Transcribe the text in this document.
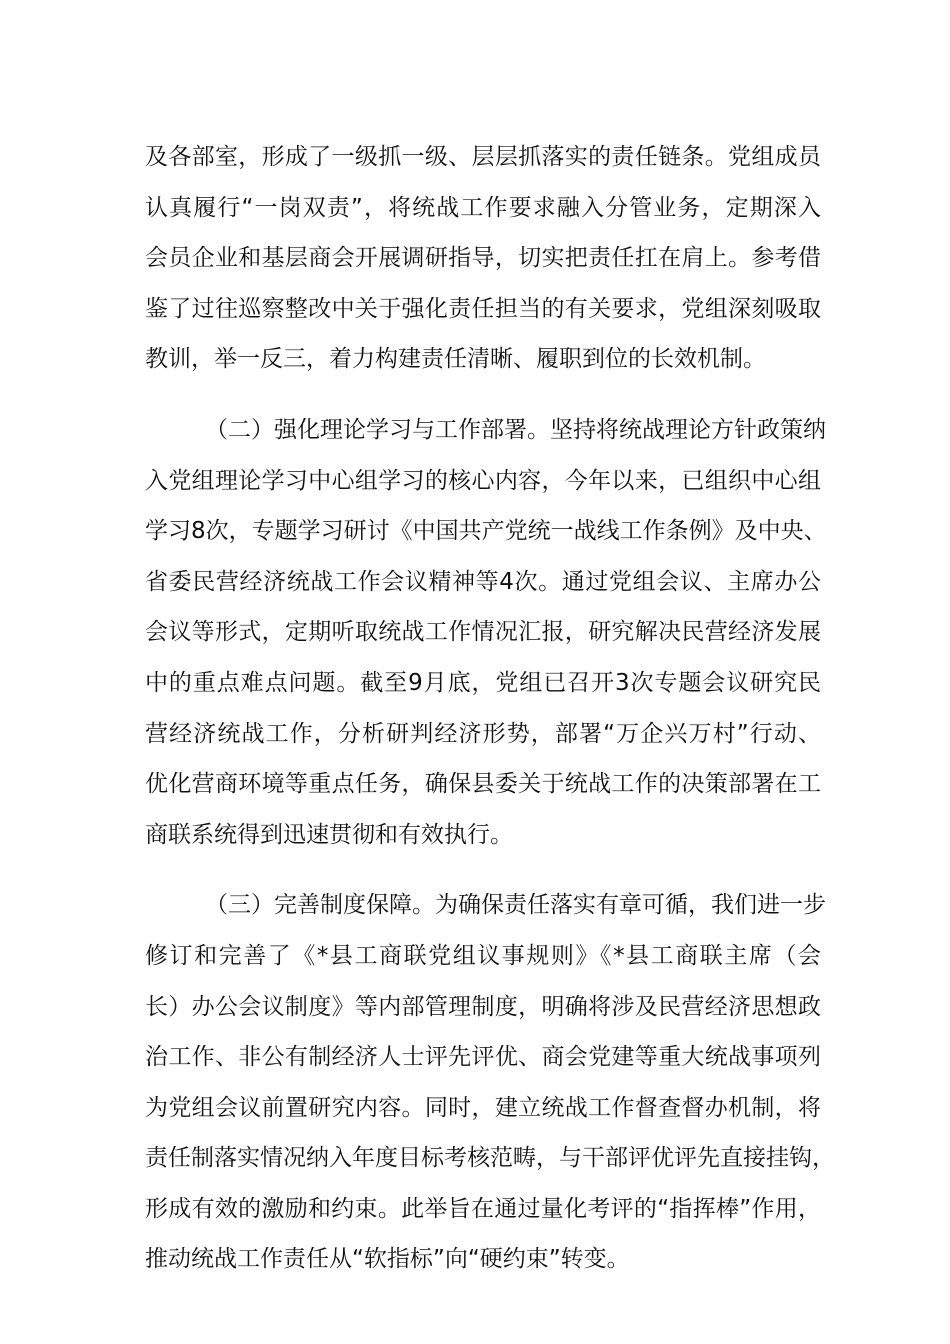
及各部室，形成了一级抓一级、层层抓落实的责任链条。党组成员
认真履行“一岗双责”，将统战工作要求融入分管业务，定期深入
会员企业和基层商会开展调研指导，切实把责任扛在肩上。参考借
鉴了过往巡察整改中关于强化责任担当的有关要求，党组深刻吸取
教训，举一反三，着力构建责任清晰、履职到位的长效机制。
（二）强化理论学习与工作部署。坚持将统战理论方针政策纳
入党组理论学习中心组学习的核心内容，今年以来，已组织中心组
学习8次，专题学习研讨《中国共产党统一战线工作条例》及中央、
省委民营经济统战工作会议精神等4次。通过党组会议、主席办公
会议等形式，定期听取统战工作情况汇报，研究解决民营经济发展
中的重点难点问题。截至9月底，党组已召开3次专题会议研究民
营经济统战工作，分析研判经济形势，部署“万企兴万村”行动、
优化营商环境等重点任务，确保县委关于统战工作的决策部署在工
商联系统得到迅速贯彻和有效执行。
（三）完善制度保障。为确保责任落实有章可循，我们进一步
修订和完善了《*县工商联党组议事规则》《*县工商联主席（会
长）办公会议制度》等内部管理制度，明确将涉及民营经济思想政
治工作、非公有制经济人士评先评优、商会党建等重大统战事项列
为党组会议前置研究内容。同时，建立统战工作督查督办机制，将
责任制落实情况纳入年度目标考核范畴，与干部评优评先直接挂钩，
形成有效的激励和约束。此举旨在通过量化考评的“指挥棒”作用，
推动统战工作责任从“软指标”向“硬约束”转变。
